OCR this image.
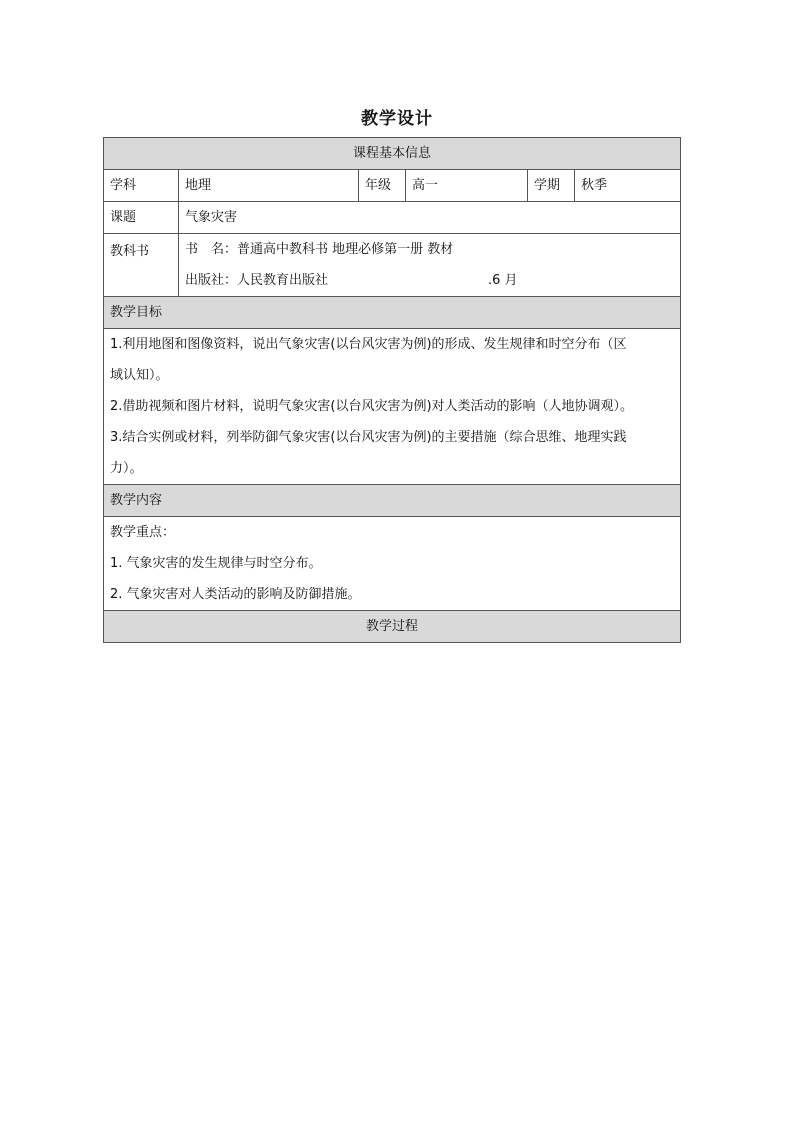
教学设计
课程基本信息					
学科	地理	年级	高一	学期	秋季
课题	气象灾害				
教科书	书　名：普通高中教科书 地理必修第一册 教材
出版社：人民教育出版社 .6 月				

教学目标					

1.利用地图和图像资料，说出气象灾害(以台风灾害为例)的形成、发生规律和时空分布（区
域认知）。
2.借助视频和图片材料，说明气象灾害(以台风灾害为例)对人类活动的影响（人地协调观）。
3.结合实例或材料，列举防御气象灾害(以台风灾害为例)的主要措施（综合思维、地理实践
力）。					

教学内容					

教学重点：
1. 气象灾害的发生规律与时空分布。
2. 气象灾害对人类活动的影响及防御措施。					

教学过程					
